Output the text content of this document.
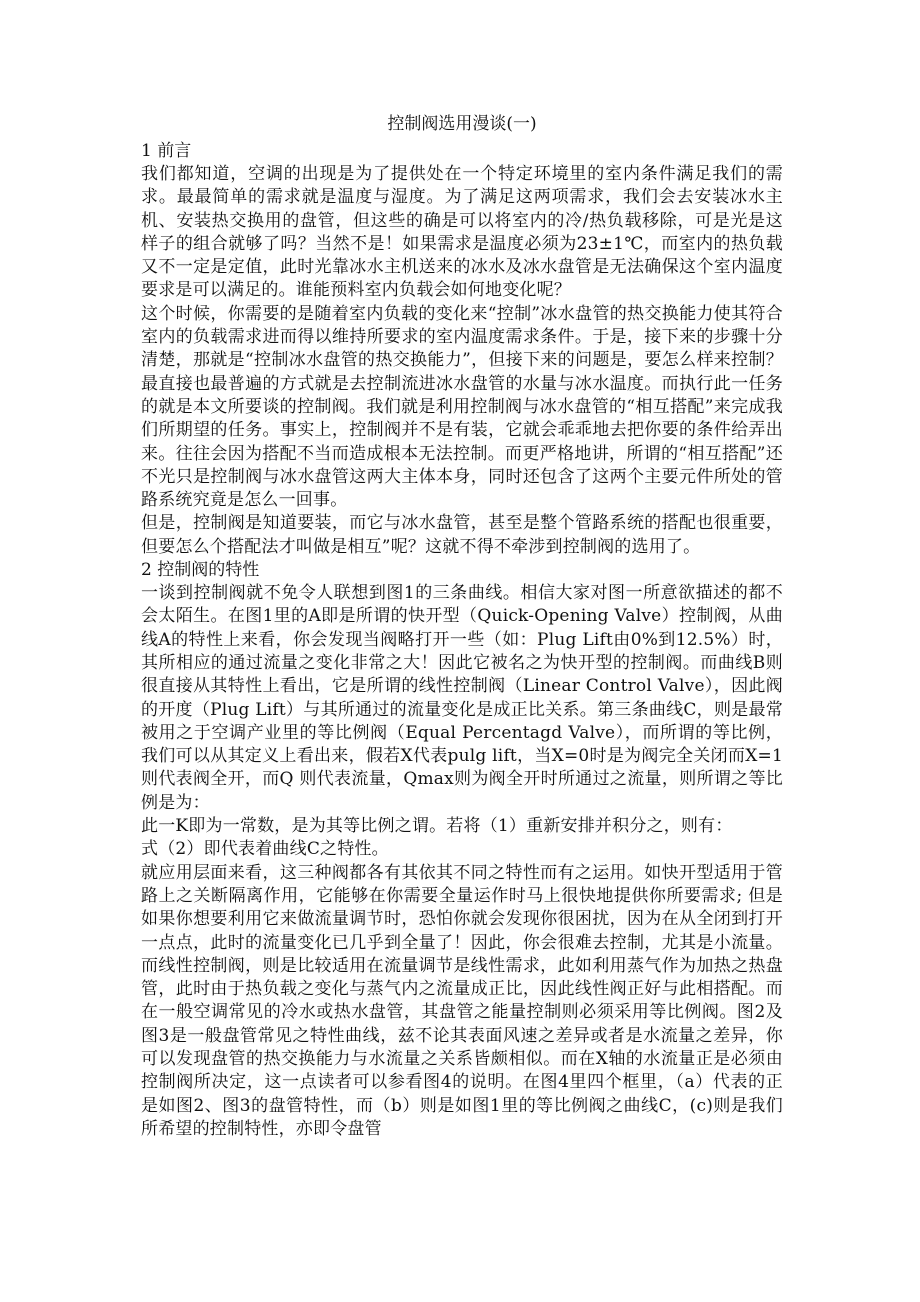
控制阀选用漫谈(一)
1 前言

我们都知道，空调的出现是为了提供处在一个特定环境里的室内条件满足我们的需求。最最简单的需求就是温度与湿度。为了满足这两项需求，我们会去安装冰水主机、安装热交换用的盘管，但这些的确是可以将室内的冷/热负载移除，可是光是这样子的组合就够了吗？当然不是！如果需求是温度必须为23±1℃，而室内的热负载又不一定是定值，此时光靠冰水主机送来的冰水及冰水盘管是无法确保这个室内温度要求是可以满足的。谁能预料室内负载会如何地变化呢？

这个时候，你需要的是随着室内负载的变化来“控制”冰水盘管的热交换能力使其符合室内的负载需求进而得以维持所要求的室内温度需求条件。于是，接下来的步骤十分清楚，那就是“控制冰水盘管的热交换能力”，但接下来的问题是，要怎么样来控制？最直接也最普遍的方式就是去控制流进冰水盘管的水量与冰水温度。而执行此一任务的就是本文所要谈的控制阀。我们就是利用控制阀与冰水盘管的“相互搭配”来完成我们所期望的任务。事实上，控制阀并不是有装，它就会乖乖地去把你要的条件给弄出来。往往会因为搭配不当而造成根本无法控制。而更严格地讲，所谓的“相互搭配”还不光只是控制阀与冰水盘管这两大主体本身，同时还包含了这两个主要元件所处的管路系统究竟是怎么一回事。

但是，控制阀是知道要装，而它与冰水盘管，甚至是整个管路系统的搭配也很重要，但要怎么个搭配法才叫做是相互”呢？这就不得不牵涉到控制阀的选用了。

2 控制阀的特性

一谈到控制阀就不免令人联想到图1的三条曲线。相信大家对图一所意欲描述的都不会太陌生。在图1里的A即是所谓的快开型（Quick-Opening Valve）控制阀，从曲线A的特性上来看，你会发现当阀略打开一些（如：Plug Lift由0%到12.5%）时，其所相应的通过流量之变化非常之大！因此它被名之为快开型的控制阀。而曲线B则很直接从其特性上看出，它是所谓的线性控制阀（Linear Control Valve），因此阀的开度（Plug Lift）与其所通过的流量变化是成正比关系。第三条曲线C，则是最常被用之于空调产业里的等比例阀（Equal Percentagd Valve），而所谓的等比例，我们可以从其定义上看出来，假若X代表pulg lift，当X=0时是为阀完全关闭而X=1则代表阀全开，而Q 则代表流量，Qmax则为阀全开时所通过之流量，则所谓之等比例是为：

此一K即为一常数，是为其等比例之谓。若将（1）重新安排并积分之，则有：

式（2）即代表着曲线C之特性。

就应用层面来看，这三种阀都各有其依其不同之特性而有之运用。如快开型适用于管路上之关断隔离作用，它能够在你需要全量运作时马上很快地提供你所要需求; 但是如果你想要利用它来做流量调节时，恐怕你就会发现你很困扰，因为在从全闭到打开一点点，此时的流量变化已几乎到全量了！因此，你会很难去控制，尤其是小流量。而线性控制阀，则是比较适用在流量调节是线性需求，此如利用蒸气作为加热之热盘管，此时由于热负载之变化与蒸气内之流量成正比，因此线性阀正好与此相搭配。而在一般空调常见的冷水或热水盘管，其盘管之能量控制则必须采用等比例阀。图2及图3是一般盘管常见之特性曲线，兹不论其表面风速之差异或者是水流量之差异，你可以发现盘管的热交换能力与水流量之关系皆颇相似。而在X轴的水流量正是必须由控制阀所决定，这一点读者可以参看图4的说明。在图4里四个框里，（a）代表的正是如图2、图3的盘管特性，而（b）则是如图1里的等比例阀之曲线C，(c)则是我们所希望的控制特性，亦即令盘管
